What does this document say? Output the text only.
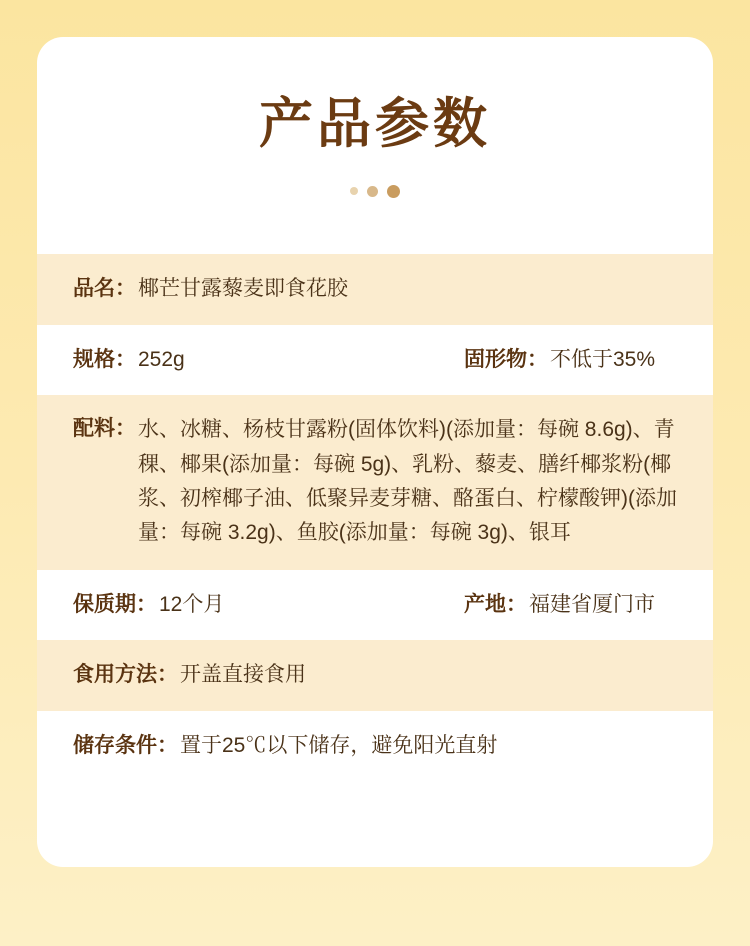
产品参数
品名： 椰芒甘露藜麦即食花胶
规格： 252g	固形物： 不低于35%
配料： 水、冰糖、杨枝甘露粉(固体饮料)(添加量：每碗 8.6g)、青稞、椰果(添加量：每碗 5g)、乳粉、藜麦、膳纤椰浆粉(椰浆、初榨椰子油、低聚异麦芽糖、酪蛋白、柠檬酸钾)(添加量：每碗 3.2g)、鱼胶(添加量：每碗 3g)、银耳
保质期： 12个月	产地： 福建省厦门市
食用方法： 开盖直接食用
储存条件： 置于25℃以下储存，避免阳光直射
